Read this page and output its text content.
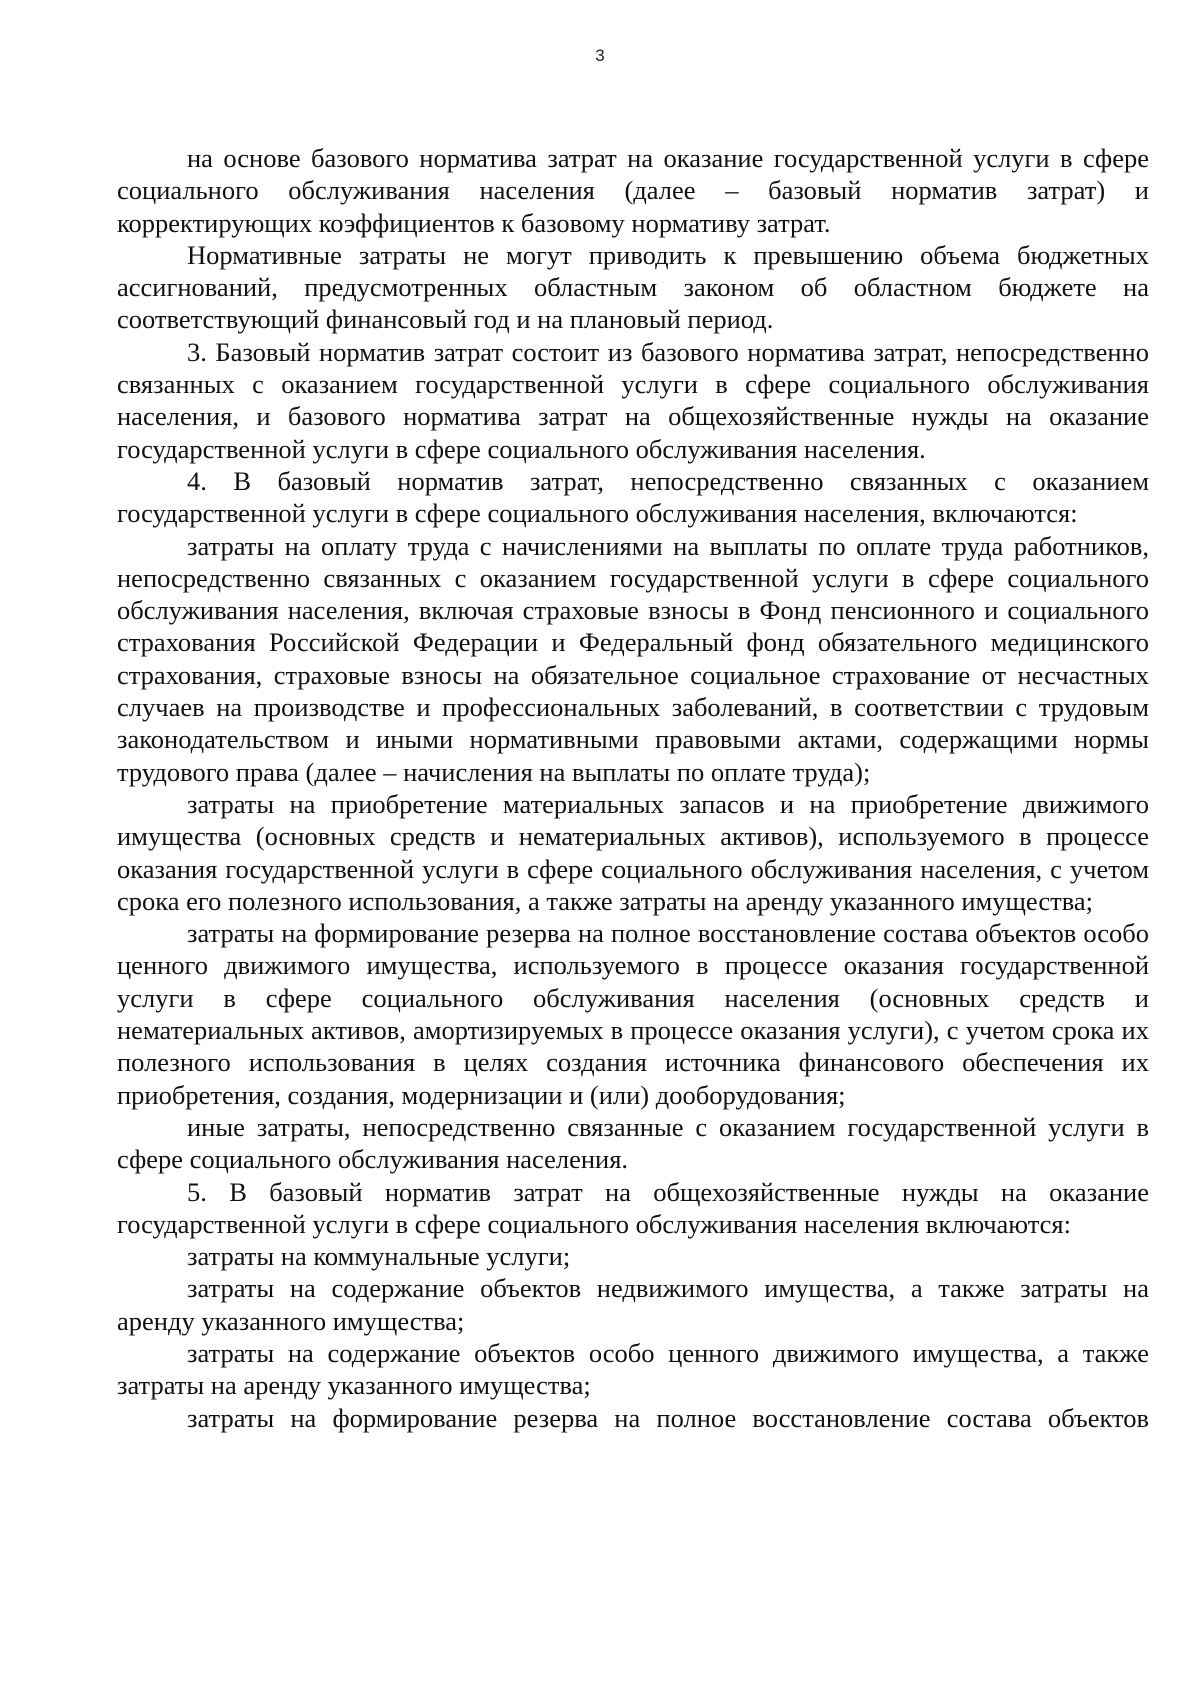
3

на основе базового норматива затрат на оказание государственной услуги в сфере социального обслуживания населения (далее – базовый норматив затрат) и корректирующих коэффициентов к базовому нормативу затрат.

Нормативные затраты не могут приводить к превышению объема бюджетных ассигнований, предусмотренных областным законом об областном бюджете на соответствующий финансовый год и на плановый период.

3. Базовый норматив затрат состоит из базового норматива затрат, непосредственно связанных с оказанием государственной услуги в сфере социального обслуживания населения, и базового норматива затрат на общехозяйственные нужды на оказание государственной услуги в сфере социального обслуживания населения.

4. В базовый норматив затрат, непосредственно связанных с оказанием государственной услуги в сфере социального обслуживания населения, включаются:

затраты на оплату труда с начислениями на выплаты по оплате труда работников, непосредственно связанных с оказанием государственной услуги в сфере социального обслуживания населения, включая страховые взносы в Фонд пенсионного и социального страхования Российской Федерации и Федеральный фонд обязательного медицинского страхования, страховые взносы на обязательное социальное страхование от несчастных случаев на производстве и профессиональных заболеваний, в соответствии с трудовым законодательством и иными нормативными правовыми актами, содержащими нормы трудового права (далее – начисления на выплаты по оплате труда);

затраты на приобретение материальных запасов и на приобретение движимого имущества (основных средств и нематериальных активов), используемого в процессе оказания государственной услуги в сфере социального обслуживания населения, с учетом срока его полезного использования, а также затраты на аренду указанного имущества;

затраты на формирование резерва на полное восстановление состава объектов особо ценного движимого имущества, используемого в процессе оказания государственной услуги в сфере социального обслуживания населения (основных средств и нематериальных активов, амортизируемых в процессе оказания услуги), с учетом срока их полезного использования в целях создания источника финансового обеспечения их приобретения, создания, модернизации и (или) дооборудования;

иные затраты, непосредственно связанные с оказанием государственной услуги в сфере социального обслуживания населения.

5. В базовый норматив затрат на общехозяйственные нужды на оказание государственной услуги в сфере социального обслуживания населения включаются:

затраты на коммунальные услуги;

затраты на содержание объектов недвижимого имущества, а также затраты на аренду указанного имущества;

затраты на содержание объектов особо ценного движимого имущества, а также затраты на аренду указанного имущества;

затраты на формирование резерва на полное восстановление состава объектов
